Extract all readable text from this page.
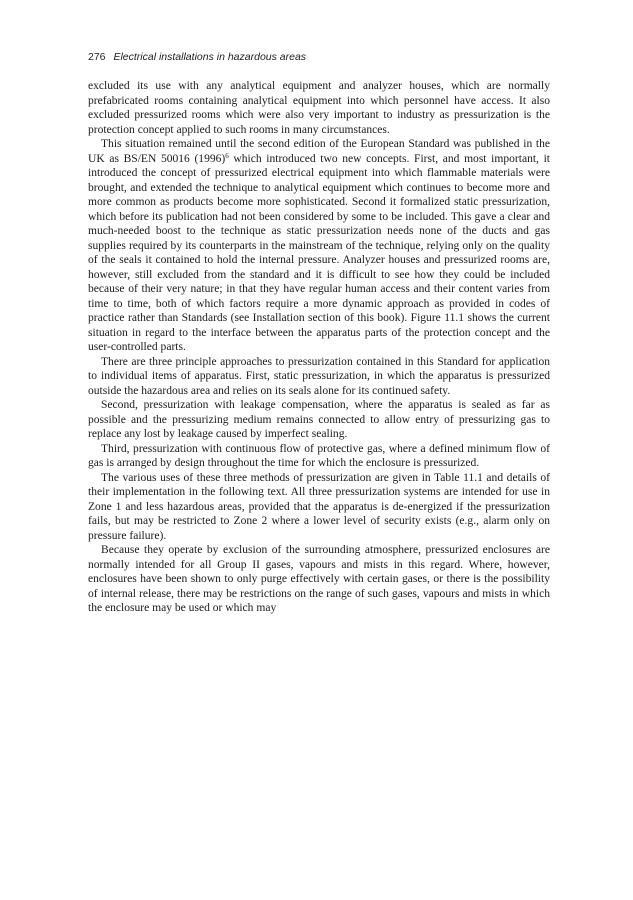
276 Electrical installations in hazardous areas

excluded its use with any analytical equipment and analyzer houses, which are normally prefabricated rooms containing analytical equipment into which personnel have access. It also excluded pressurized rooms which were also very important to industry as pressurization is the protection concept applied to such rooms in many circumstances.

This situation remained until the second edition of the European Standard was published in the UK as BS/EN 50016 $(1996)^6$ which introduced two new concepts. First, and most important, it introduced the concept of pressurized electrical equipment into which flammable materials were brought, and extended the technique to analytical equipment which continues to become more and more common as products become more sophisticated. Second it formalized static pressurization, which before its publication had not been considered by some to be included. This gave a clear and much-needed boost to the technique as static pressurization needs none of the ducts and gas supplies required by its counterparts in the mainstream of the technique, relying only on the quality of the seals it contained to hold the internal pressure. Analyzer houses and pressurized rooms are, however, still excluded from the standard and it is difficult to see how they could be included because of their very nature; in that they have regular human access and their content varies from time to time, both of which factors require a more dynamic approach as provided in codes of practice rather than Standards (see Installation section of this book). Figure 11.1 shows the current situation in regard to the interface between the apparatus parts of the protection concept and the user-controlled parts.

There are three principle approaches to pressurization contained in this Standard for application to individual items of apparatus. First, static pressurization, in which the apparatus is pressurized outside the hazardous area and relies on its seals alone for its continued safety.

Second, pressurization with leakage compensation, where the apparatus is sealed as far as possible and the pressurizing medium remains connected to allow entry of pressurizing gas to replace any lost by leakage caused by imperfect sealing.

Third, pressurization with continuous flow of protective gas, where a defined minimum flow of gas is arranged by design throughout the time for which the enclosure is pressurized.

The various uses of these three methods of pressurization are given in Table 11.1 and details of their implementation in the following text. All three pressurization systems are intended for use in Zone 1 and less hazardous areas, provided that the apparatus is de-energized if the pressurization fails, but may be restricted to Zone 2 where a lower level of security exists (e.g., alarm only on pressure failure).

Because they operate by exclusion of the surrounding atmosphere, pressurized enclosures are normally intended for all Group II gases, vapours and mists in this regard. Where, however, enclosures have been shown to only purge effectively with certain gases, or there is the possibility of internal release, there may be restrictions on the range of such gases, vapours and mists in which the enclosure may be used or which may
